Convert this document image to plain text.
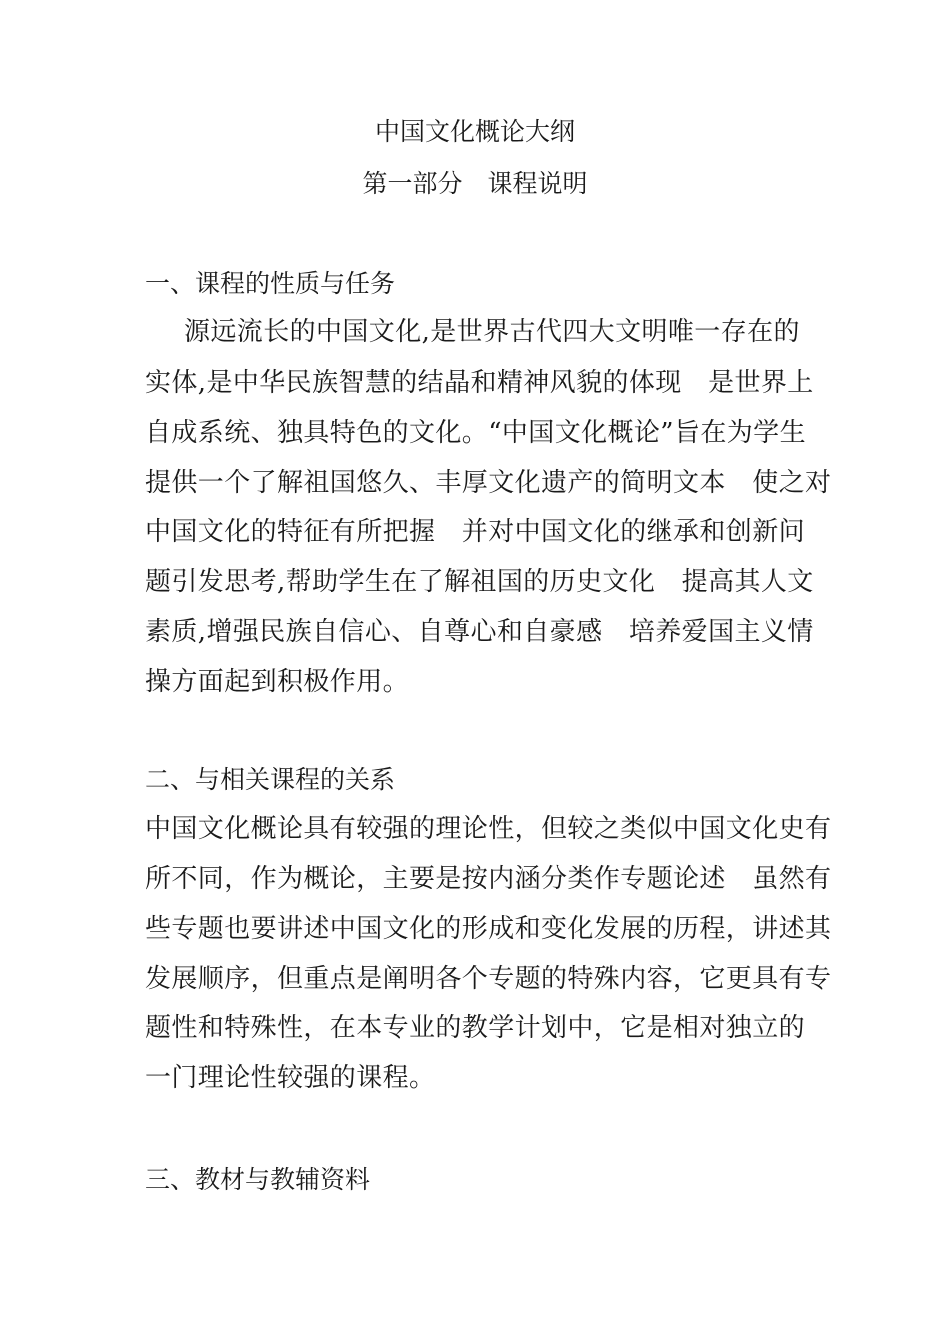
中国文化概论大纲
第一部分　课程说明
一、课程的性质与任务
源远流长的中国文化,是世界古代四大文明唯一存在的
实体,是中华民族智慧的结晶和精神风貌的体现　是世界上
自成系统、独具特色的文化。“中国文化概论”旨在为学生
提供一个了解祖国悠久、丰厚文化遗产的简明文本　使之对
中国文化的特征有所把握　并对中国文化的继承和创新问
题引发思考,帮助学生在了解祖国的历史文化　提高其人文
素质,增强民族自信心、自尊心和自豪感　培养爱国主义情
操方面起到积极作用。
二、与相关课程的关系
中国文化概论具有较强的理论性，但较之类似中国文化史有
所不同，作为概论，主要是按内涵分类作专题论述　虽然有
些专题也要讲述中国文化的形成和变化发展的历程，讲述其
发展顺序，但重点是阐明各个专题的特殊内容，它更具有专
题性和特殊性，在本专业的教学计划中，它是相对独立的
一门理论性较强的课程。
三、教材与教辅资料
